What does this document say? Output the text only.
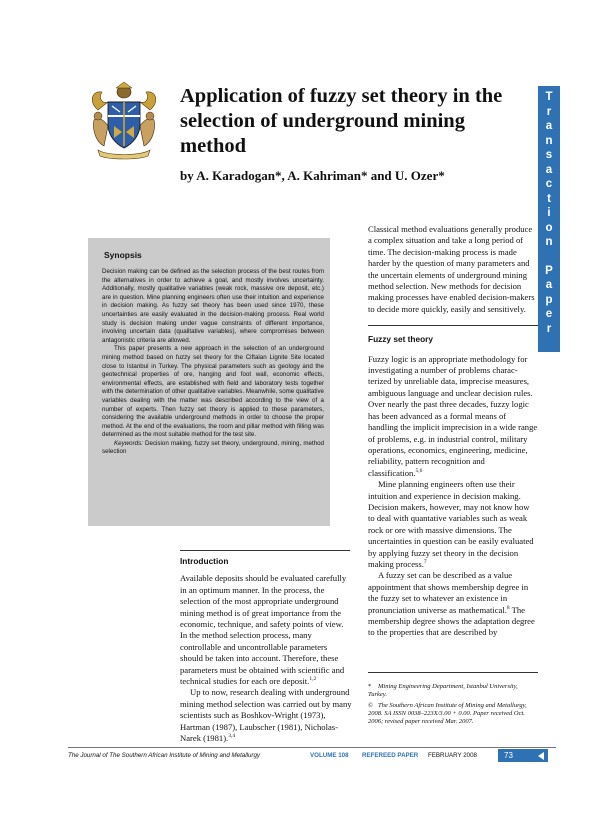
Application of fuzzy set theory in the selection of underground mining method
by A. Karadogan*, A. Kahriman* and U. Ozer*
T
r
a
n
s
a
c
t
i
o
n
P
a
p
e
r
Synopsis

Decision making can be defined as the selection process of the best routes from the alternatives in order to achieve a goal, and mostly involves uncertainty. Additionally, mostly qualitative variables (weak rock, massive ore deposit, etc.) are in question. Mine planning engineers often use their intuition and experience in decision making. As fuzzy set theory has been used since 1970, these uncertainties are easily evaluated in the decision-making process. Real world study is decision making under vague constraints of different importance, involving uncertain data (qualitative variables), where compromises between antagonistic criteria are allowed.

This paper presents a new approach in the selection of an underground mining method based on fuzzy set theory for the Ciftalan Lignite Site located close to Istanbul in Turkey. The physical parameters such as geology and the geotechnical properties of ore, hanging and foot wall, economic effects, environmental effects, are established with field and laboratory tests together with the determination of other qualitative variables. Meanwhile, some qualitative variables dealing with the matter was described according to the view of a number of experts. Then fuzzy set theory is applied to these parameters, considering the available underground methods in order to choose the proper method. At the end of the evaluations, the room and pillar method with filling was determined as the most suitable method for the test site.

Keywords: Decision making, fuzzy set theory, underground, mining, method selection

Introduction

Available deposits should be evaluated carefully in an optimum manner. In the process, the selection of the most appropriate underground mining method is of great importance from the economic, technique, and safety points of view. In the method selection process, many controllable and uncontrollable parameters should be taken into account. Therefore, these parameters must be obtained with scientific and technical studies for each ore deposit.$^{1,2}$

Up to now, research dealing with underground mining method selection was carried out by many scientists such as Boshkov-Wright (1973), Hartman (1987), Laubscher (1981), Nicholas-Narek (1981).$^{3,4}$

Classical method evaluations generally produce a complex situation and take a long period of time. The decision-making process is made harder by the question of many parameters and the uncertain elements of underground mining method selection. New methods for decision making processes have enabled decision-makers to decide more quickly, easily and sensitively.

Fuzzy set theory

Fuzzy logic is an appropriate methodology for investigating a number of problems charac-terized by unreliable data, imprecise measures, ambiguous language and unclear decision rules. Over nearly the past three decades, fuzzy logic has been advanced as a formal means of handling the implicit imprecision in a wide range of problems, e.g. in industrial control, military operations, economics, engineering, medicine, reliability, pattern recognition and classification.$^{5,6}$

Mine planning engineers often use their intuition and experience in decision making. Decision makers, however, may not know how to deal with quantative variables such as weak rock or ore with massive dimensions. The uncertainties in question can be easily evaluated by applying fuzzy set theory in the decision making process.$^7$

A fuzzy set can be described as a value appointment that shows membership degree in the fuzzy set to whatever an existence in pronunciation universe as mathematical.$^8$ The membership degree shows the adaptation degree to the properties that are described by

* Mining Engineering Department, Istanbul University, Turkey.
© The Southern African Institute of Mining and Metallurgy, 2008. SA ISSN 0038–223X/3.00 + 0.00. Paper received Oct. 2006; revised paper received Mar. 2007.
The Journal of The Southern African Institute of Mining and Metallurgy	VOLUME 108 REFEREED PAPER FEBRUARY 2008	73
